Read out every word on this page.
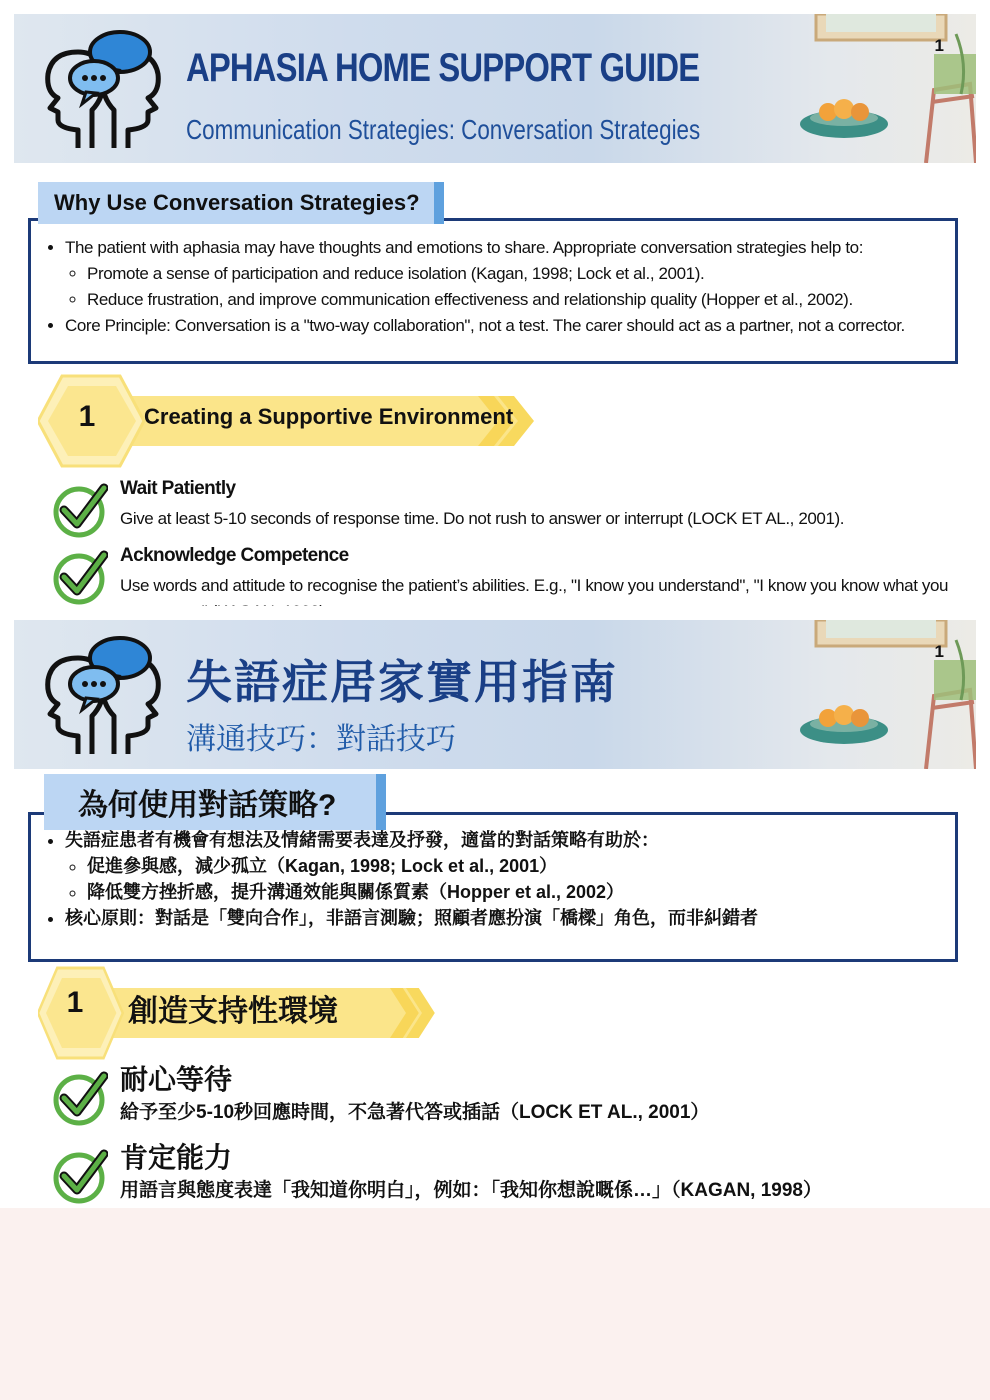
APHASIA HOME SUPPORT GUIDE
Communication Strategies: Conversation Strategies
1
• The patient with aphasia may have thoughts and emotions to share. Appropriate conversation strategies help to:
◦ Promote a sense of participation and reduce isolation (Kagan, 1998; Lock et al., 2001).
◦ Reduce frustration, and improve communication effectiveness and relationship quality (Hopper et al., 2002).
• Core Principle: Conversation is a "two-way collaboration", not a test. The carer should act as a partner, not a corrector.
Why Use Conversation Strategies?
1	Creating a Supportive Environment
Wait Patiently
Give at least 5-10 seconds of response time. Do not rush to answer or interrupt (LOCK ET AL., 2001).
Acknowledge Competence
Use words and attitude to recognise the patient’s abilities. E.g., "I know you understand", "I know you know what you
失語症居家實用指南
溝通技巧：對話技巧
1
• 失語症患者有機會有想法及情緒需要表達及抒發，適當的對話策略有助於：
◦ 促進參與感，減少孤立（Kagan, 1998; Lock et al., 2001）
◦ 降低雙方挫折感，提升溝通效能與關係質素（Hopper et al., 2002）
• 核心原則：對話是「雙向合作」，非語言測驗；照顧者應扮演「橋樑」角色，而非糾錯者
為何使用對話策略?
1	創造支持性環境
耐心等待
給予至少5-10秒回應時間，不急著代答或插話（LOCK ET AL., 2001）
肯定能力
用語言與態度表達「我知道你明白」，例如：「我知你想說嘅係…」（KAGAN, 1998）
